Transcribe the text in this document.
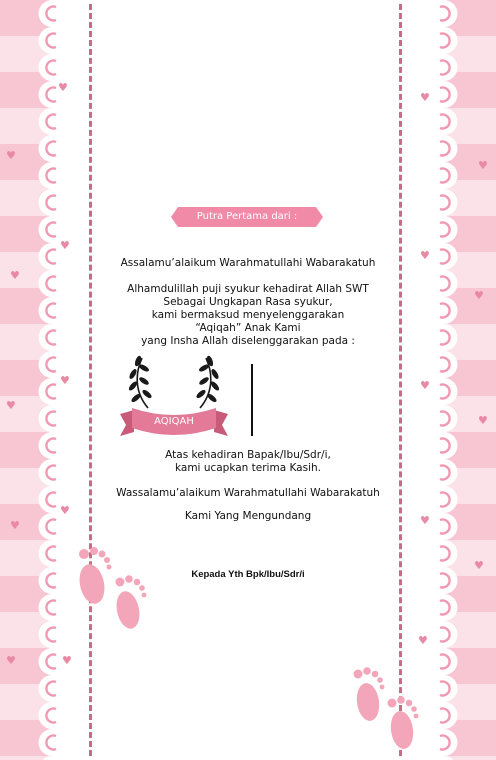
♥
♥
♥
♥
♥
♥
♥
♥
♥
♥
♥
♥
♥
♥	♥
♥
♥
♥
♥
Putra Pertama dari :
Assalamu’alaikum Warahmatullahi Wabarakatuh
Alhamdulillah puji syukur kehadirat Allah SWT
Sebagai Ungkapan Rasa syukur,
kami bermaksud menyelenggarakan
“Aqiqah” Anak Kami
yang Insha Allah diselenggarakan pada :
AQIQAH
Atas kehadiran Bapak/Ibu/Sdr/i,
kami ucapkan terima Kasih.
Wassalamu’alaikum Warahmatullahi Wabarakatuh
Kami Yang Mengundang
Kepada Yth Bpk/Ibu/Sdr/i
